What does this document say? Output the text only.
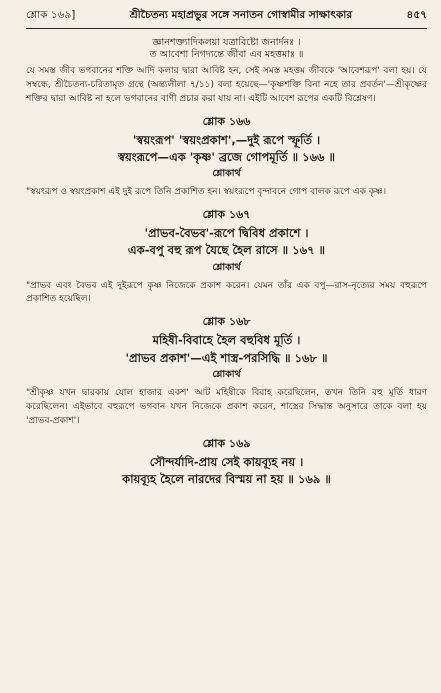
শ্লোক ১৬৯]	শ্রীচৈতন্য মহাপ্রভুর সঙ্গে সনাতন গোস্বামীর সাক্ষাৎকার	৪৫৭
জ্ঞানশক্ত্যাদিকলয়া যত্রাবিষ্টো জনার্দনঃ ।
ত আবেশা নিগদ্যন্তে জীবা এব মহত্তমাঃ ॥

যে সমস্ত জীব ভগবানের শক্তি আদি কলার দ্বারা আবিষ্ট হন, সেই সমস্ত মহত্তম জীবকে 'আবেশরূপ' বলা হয়। যে সম্বন্ধে, শ্রীচৈতন্য-চরিতামৃত গ্রন্থে (অন্ত্যলীলা ৭/১১) বলা হয়েছে—'কৃষ্ণশক্তি বিনা নহে তার প্রবর্তন'—শ্রীকৃষ্ণের শক্তির দ্বারা আবিষ্ট না হলে ভগবানের বাণী প্রচার করা যায় না। এইটি আবেশ রূপের একটি বিশ্লেষণ।

শ্লোক ১৬৬
'স্বয়ংরূপ' 'স্বয়ংপ্রকাশ',—দুই রূপে স্ফূর্তি ।
স্বয়ংরূপে—এক 'কৃষ্ণ' ব্রজে গোপমূর্তি ॥ ১৬৬ ॥
শ্লোকার্থ

"স্বয়ংরূপ ও স্বয়ংপ্রকাশ এই দুই রূপে তিনি প্রকাশিত হন। স্বয়ংরূপে বৃন্দাবনে গোপ বালক রূপে এক কৃষ্ণ।

শ্লোক ১৬৭
'প্রাভব-বৈভব'-রূপে দ্বিবিধ প্রকাশে ।
এক-বপু বহু রূপ যৈছে হৈল রাসে ॥ ১৬৭ ॥
শ্লোকার্থ

"প্রাভব এবং বৈভব এই দুইরূপে কৃষ্ণ নিজেকে প্রকাশ করেন। যেমন তাঁর এক বপু—রাস-নৃত্যের সময় বহুরূপে প্রকাশিত হয়েছিল।

শ্লোক ১৬৮
মহিষী-বিবাহে হৈল বহুবিধ মূর্তি ।
'প্রাভব প্রকাশ'—এই শাস্ত্র-পরসিদ্ধি ॥ ১৬৮ ॥
শ্লোকার্থ

"শ্রীকৃষ্ণ যখন দ্বারকায় যোল হাজার একশ' আট মহিষীকে বিবাহ করেছিলেন, তখন তিনি বহু মূর্তি ধারণ করেছিলেন। এইভাবে বহুরূপে ভগবান যখন নিজেকে প্রকাশ করেন, শাস্ত্রের সিদ্ধান্ত অনুসারে তাকে বলা হয় 'প্রাভব-প্রকাশ'।

শ্লোক ১৬৯
সৌন্দর্যাদি-প্রায় সেই কায়ব্যূহ নয় ।
কায়ব্যূহ হৈলে নারদের বিস্ময় না হয় ॥ ১৬৯ ॥
